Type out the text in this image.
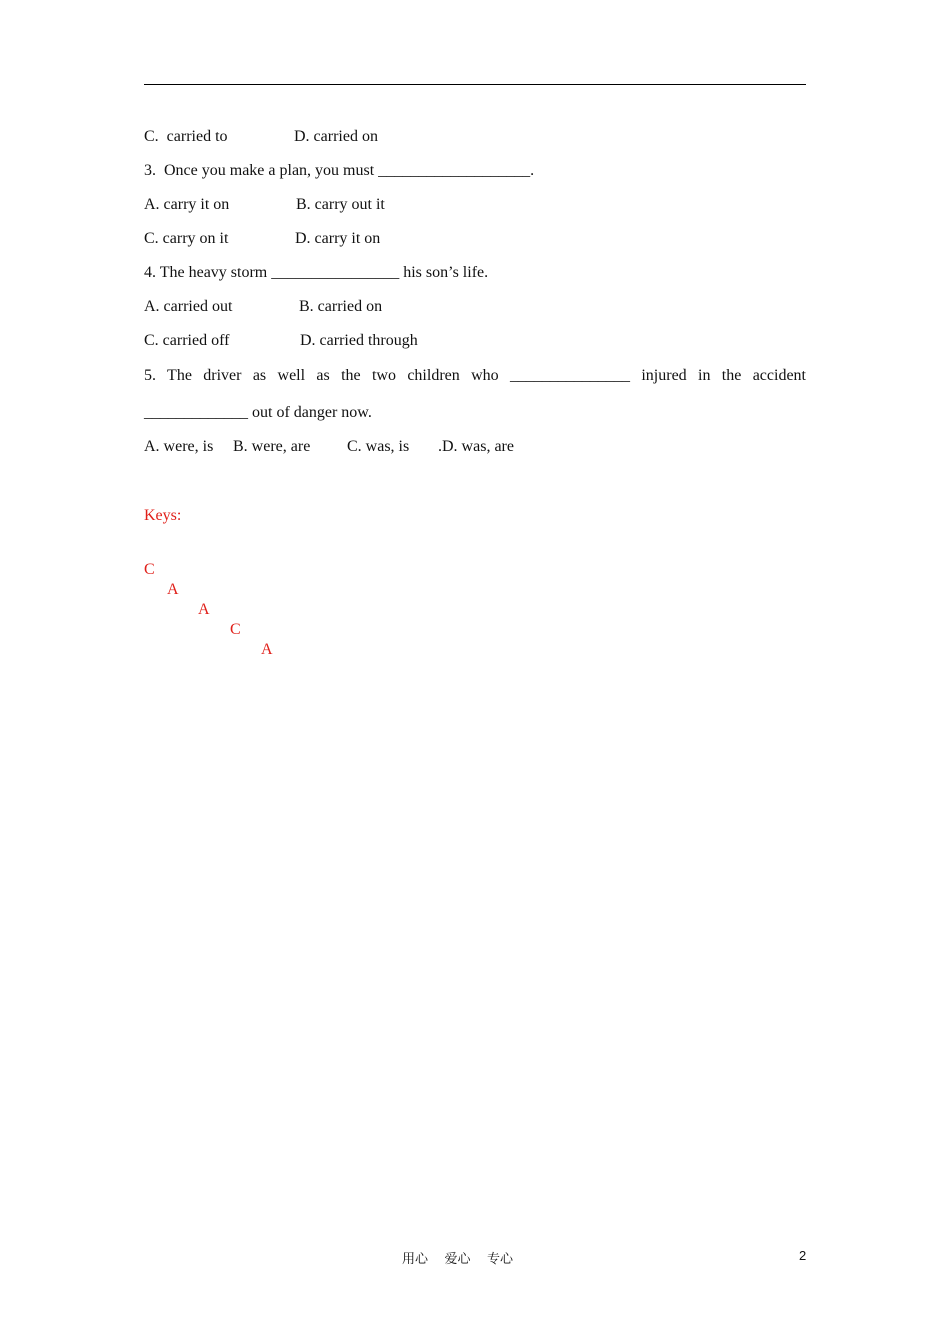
C.  carried to	D. carried on
3.  Once you make a plan, you must ___________________.
A. carry it on	B. carry out it
C. carry on it	D. carry it on
4. The heavy storm ________________ his son’s life.
A. carried out	B. carried on
C. carried off	D. carried through
5. The driver as well as the two children who _______________ injured in the accident
_____________ out of danger now.
A. were, is B. were, are C. was, is .D. was, are
Keys:

C

A

A

C

A

用心    爱心    专心	2
